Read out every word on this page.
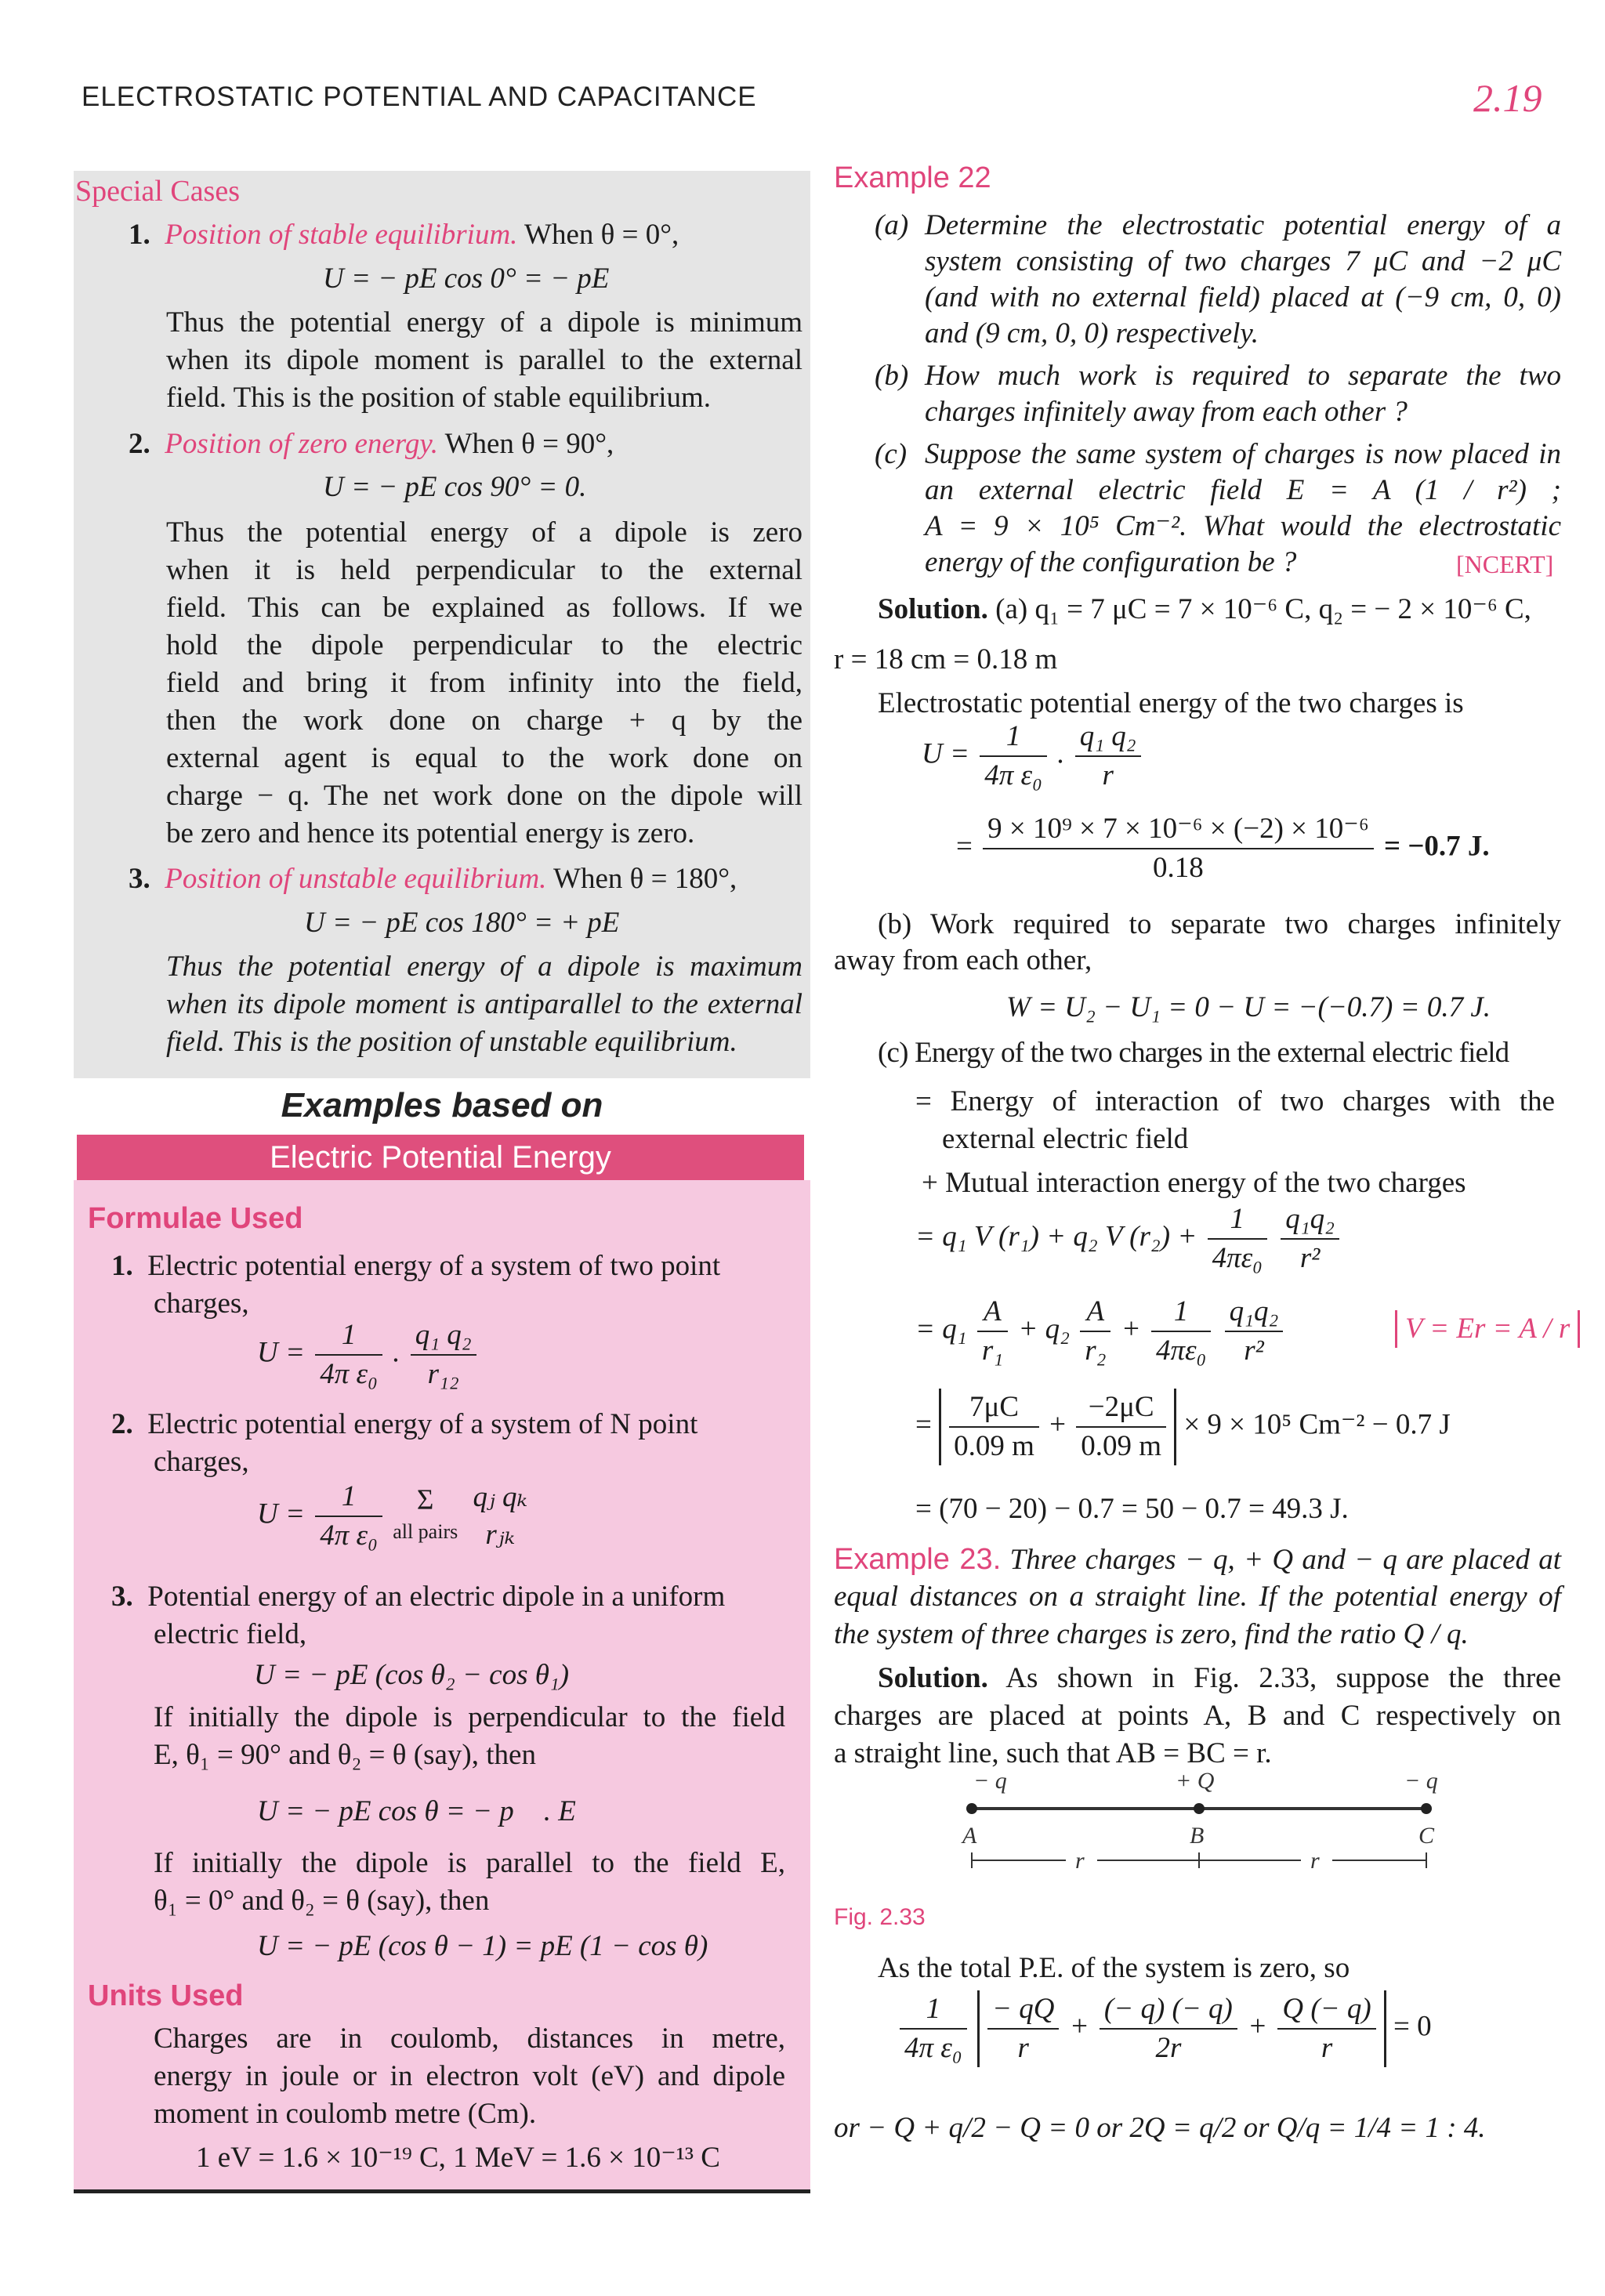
ELECTROSTATIC POTENTIAL AND CAPACITANCE	2.19
Special Cases
1. Position of stable equilibrium. When θ = 0°,
U = − pE cos 0° = − pE
Thus the potential energy of a dipole is minimum
when its dipole moment is parallel to the external
field. This is the position of stable equilibrium.
2. Position of zero energy. When θ = 90°,
U = − pE cos 90° = 0.
Thus the potential energy of a dipole is zero
when it is held perpendicular to the external
field. This can be explained as follows. If we
hold the dipole perpendicular to the electric
field and bring it from infinity into the field,
then the work done on charge + q by the
external agent is equal to the work done on
charge − q. The net work done on the dipole will
be zero and hence its potential energy is zero.
3. Position of unstable equilibrium. When θ = 180°,
U = − pE cos 180° = + pE
Thus the potential energy of a dipole is maximum
when its dipole moment is antiparallel to the external
field. This is the position of unstable equilibrium.
Examples based on
Electric Potential Energy
Formulae Used
1. Electric potential energy of a system of two point
charges,
$U = \frac{1}{\text{4π ε₀}}$ . $\frac{\text{q₁ q₂}}{\text{r₁₂}}$
2. Electric potential energy of a system of N point
charges,
$U = \frac{1}{\text{4π ε₀}}$
	Σ
all pairs

qⱼ qₖ
rⱼₖ
3. Potential energy of an electric dipole in a uniform
electric field,
U = − pE (cos θ₂ − cos θ₁)
If initially the dipole is perpendicular to the field
E, θ₁ = 90° and θ₂ = θ (say), then
U = − pE cos θ = − p⃗ . E⃗
If initially the dipole is parallel to the field E,
θ₁ = 0° and θ₂ = θ (say), then
U = − pE (cos θ − 1) = pE (1 − cos θ)
Units Used
Charges are in coulomb, distances in metre,
energy in joule or in electron volt (eV) and dipole
moment in coulomb metre (Cm).
1 eV = 1.6 × 10⁻¹⁹ C, 1 MeV = 1.6 × 10⁻¹³ C
Example 22
(a) Determine the electrostatic potential energy of a
system consisting of two charges 7 μC and −2 μC
(and with no external field) placed at (−9 cm, 0, 0)
and (9 cm, 0, 0) respectively.
(b) How much work is required to separate the two
charges infinitely away from each other ?
(c) Suppose the same system of charges is now placed in
an external electric field E = A (1 / r²) ;
A = 9 × 10⁵ Cm⁻². What would the electrostatic
energy of the configuration be ?	[NCERT]
Solution. (a) q₁ = 7 μC = 7 × 10⁻⁶ C, q₂ = − 2 × 10⁻⁶ C,
r = 18 cm = 0.18 m
Electrostatic potential energy of the two charges is
$U = \frac{1}{\text{4π ε₀}}$ . $\frac{\text{q₁ q₂}}{r}$
= $\frac{\text{9 × 10⁹ × 7 × 10⁻⁶ × (−2) × 10⁻⁶}}{0.18} = -0.7$ J.
(b) Work required to separate two charges infinitely
away from each other,
W = U₂ − U₁ = 0 − U = −(−0.7) = 0.7 J.
(c) Energy of the two charges in the external electric field
= Energy of interaction of two charges with the
external electric field
+ Mutual interaction energy of the two charges
= q₁ V (r₁) + q₂ V $(r_2) + \frac{1}{\text{4πε₀}}$
$\frac{\text{q₁q₂}}{\text{r²}}$
= $q_1 \frac{A}{\text{r₁}} + q_2 \frac{A}{\text{r₂}} + \frac{1}{\text{4πε₀}}$
$\frac{\text{q₁q₂}}{\text{r²}}$	V = Er = A / r
= $\frac{7\mu C}{0.09 m} + \frac{-2\mu C}{0.09 m} \times 9 \times 10^5$ Cm⁻² − 0.7 J
= (70 − 20) − 0.7 = 50 − 0.7 = 49.3 J.
Example 23. Three charges − q, + Q and − q are placed at
equal distances on a straight line. If the potential energy of
the system of three charges is zero, find the ratio Q / q.
Solution. As shown in Fig. 2.33, suppose the three
charges are placed at points A, B and C respectively on
a straight line, such that AB = BC = r.
− q	+ Q	− q
A	B	C
r	r
Fig. 2.33
As the total P.E. of the system is zero, so
$\frac{1}{\text{4π ε₀}}$
$\frac{- qQ}{r} + \frac{(- q) (- q)}{2r} + \frac{Q (- q)}{r} = 0$
or − Q + q/2 − Q = 0 or 2Q = q/2 or Q/q = 1/4 = 1 : 4.
